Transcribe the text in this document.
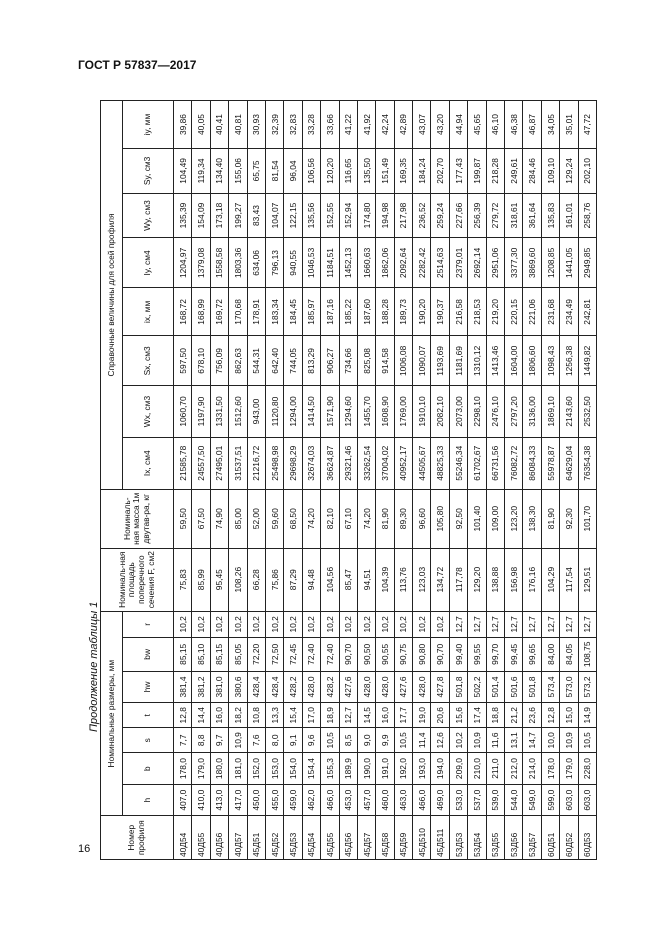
ГОСТ Р 57837—2017
Продолжение таблицы 1
Номер профиля	Номинальные размеры, мм							Номиналь-ная площадь поперечного сечения F, см2	Номиналь-ная масса 1м двутав-ра, кг	Справочные величины для осей профиля							
	h	b	s	t	hw	bw	r			Ix, см4	Wx, см3	Sx, см3	ix, мм	Iy, см4	Wy, см3	Sy, см3	iy, мм
40Д54	407,0	178,0	7,7	12,8	381,4	85,15	10,2	75,83	59,50	21585,78	1060,70	597,50	168,72	1204,97	135,39	104,49	39,86
40Д55	410,0	179,0	8,8	14,4	381,2	85,10	10,2	85,99	67,50	24557,50	1197,90	678,10	168,99	1379,08	154,09	119,34	40,05
40Д56	413,0	180,0	9,7	16,0	381,0	85,15	10,2	95,45	74,90	27495,01	1331,50	756,09	169,72	1558,58	173,18	134,40	40,41
40Д57	417,0	181,0	10,9	18,2	380,6	85,05	10,2	108,26	85,00	31537,51	1512,60	862,63	170,68	1803,36	199,27	155,06	40,81
45Д51	450,0	152,0	7,6	10,8	428,4	72,20	10,2	66,28	52,00	21216,72	943,00	544,31	178,91	634,06	83,43	65,75	30,93
45Д52	455,0	153,0	8,0	13,3	428,4	72,50	10,2	75,86	59,60	25498,98	1120,80	642,40	183,34	796,13	104,07	81,54	32,39
45Д53	459,0	154,0	9,1	15,4	428,2	72,45	10,2	87,29	68,50	29698,29	1294,00	744,05	184,45	940,55	122,15	96,04	32,83
45Д54	462,0	154,4	9,6	17,0	428,0	72,40	10,2	94,48	74,20	32674,03	1414,50	813,29	185,97	1046,53	135,56	106,56	33,28
45Д55	466,0	155,3	10,5	18,9	428,2	72,40	10,2	104,56	82,10	36624,87	1571,90	906,27	187,16	1184,51	152,55	120,20	33,66
45Д56	453,0	189,9	8,5	12,7	427,6	90,70	10,2	85,47	67,10	29321,46	1294,60	734,66	185,22	1452,13	152,94	116,65	41,22
45Д57	457,0	190,0	9,0	14,5	428,0	90,50	10,2	94,51	74,20	33262,54	1455,70	825,08	187,60	1660,63	174,80	135,50	41,92
45Д58	460,0	191,0	9,9	16,0	428,0	90,55	10,2	104,39	81,90	37004,02	1608,90	914,58	188,28	1862,06	194,98	151,49	42,24
45Д59	463,0	192,0	10,5	17,7	427,6	90,75	10,2	113,76	89,30	40952,17	1769,00	1006,08	189,73	2092,64	217,98	169,35	42,89
45Д510	466,0	193,0	11,4	19,0	428,0	90,80	10,2	123,03	96,60	44505,67	1910,10	1090,07	190,20	2282,42	236,52	184,24	43,07
45Д511	469,0	194,0	12,6	20,6	427,8	90,70	10,2	134,72	105,80	48825,33	2082,10	1193,69	190,37	2514,63	259,24	202,70	43,20
53Д53	533,0	209,0	10,2	15,6	501,8	99,40	12,7	117,78	92,50	55246,34	2073,00	1181,69	216,58	2379,01	227,66	177,43	44,94
53Д54	537,0	210,0	10,9	17,4	502,2	99,55	12,7	129,20	101,40	61702,67	2298,10	1310,12	218,53	2692,14	256,39	199,87	45,65
53Д55	539,0	211,0	11,6	18,8	501,4	99,70	12,7	138,88	109,00	66731,56	2476,10	1413,46	219,20	2951,06	279,72	218,28	46,10
53Д56	544,0	212,0	13,1	21,2	501,6	99,45	12,7	156,98	123,20	76082,72	2797,20	1604,00	220,15	3377,30	318,61	249,61	46,38
53Д57	549,0	214,0	14,7	23,6	501,8	99,65	12,7	176,16	138,30	86084,33	3136,00	1806,60	221,06	3869,60	361,64	284,46	46,87
60Д51	599,0	178,0	10,0	12,8	573,4	84,00	12,7	104,29	81,90	55978,87	1869,10	1098,43	231,68	1208,85	135,83	109,10	34,05
60Д52	603,0	179,0	10,9	15,0	573,0	84,05	12,7	117,54	92,30	64629,04	2143,60	1256,38	234,49	1441,05	161,01	129,24	35,01
60Д53	603,0	228,0	10,5	14,9	573,2	108,75	12,7	129,51	101,70	76354,38	2532,50	1449,82	242,81	2949,85	258,76	202,10	47,72
16
